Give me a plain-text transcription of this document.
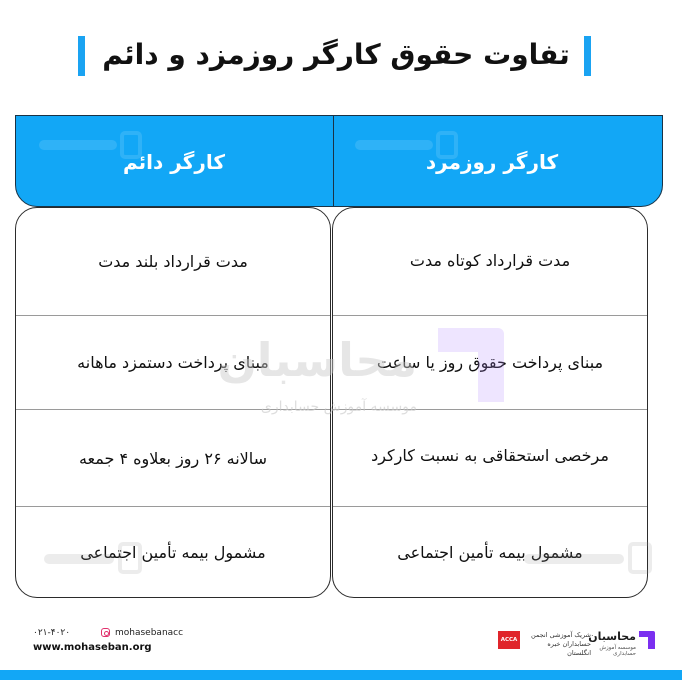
تفاوت حقوق کارگر روزمزد و دائم
کارگر دائم	کارگر روزمرد
مدت قرارداد بلند مدت
مبنای پرداخت دستمزد ماهانه
سالانه ۲۶ روز بعلاوه ۴ جمعه
مشمول بیمه تأمین اجتماعی
مدت قرارداد کوتاه مدت
مبنای پرداخت حقوق روز یا ساعت
مرخصی استحقاقی به نسبت کارکرد
مشمول بیمه تأمین اجتماعی
محاسبان
موسسه آموزش حسابداری
۰۲۱-۴۰۲۰	mohasebanacc
www.mohaseban.org
ACCA
شریک آموزشی انجمن حسابداران خبره انگلستان
محاسبان
موسسه آموزش حسابداری
